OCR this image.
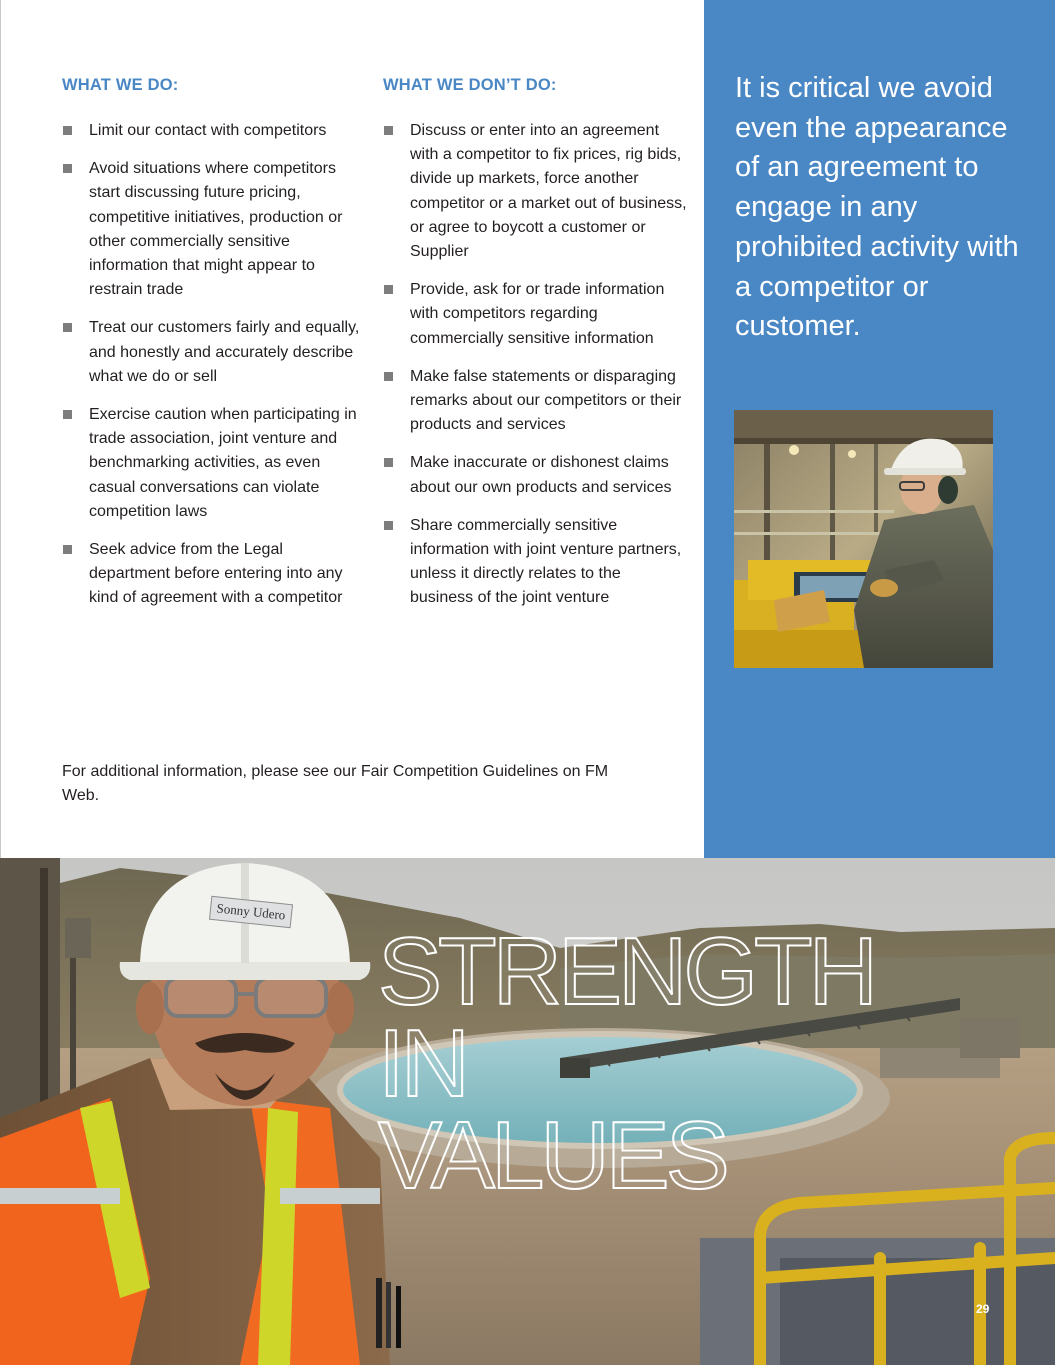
WHAT WE DO:
Limit our contact with competitors
Avoid situations where competitors start discussing future pricing, competitive initiatives, production or other commercially sensitive information that might appear to restrain trade
Treat our customers fairly and equally, and honestly and accurately describe what we do or sell
Exercise caution when participating in trade association, joint venture and benchmarking activities, as even casual conversations can violate competition laws
Seek advice from the Legal department before entering into any kind of agreement with a competitor
WHAT WE DON’T DO:
Discuss or enter into an agreement with a competitor to fix prices, rig bids, divide up markets, force another competitor or a market out of business, or agree to boycott a customer or Supplier
Provide, ask for or trade information with competitors regarding commercially sensitive information
Make false statements or disparaging remarks about our competitors or their products and services
Make inaccurate or dishonest claims about our own products and services
Share commercially sensitive information with joint venture partners, unless it directly relates to the business of the joint venture

For additional information, please see our Fair Competition Guidelines on FM Web.

It is critical we avoid even the appearance of an agreement to engage in any prohibited activity with a competitor or customer.

Sonny Udero
STRENGTH
IN
VALUES
29
